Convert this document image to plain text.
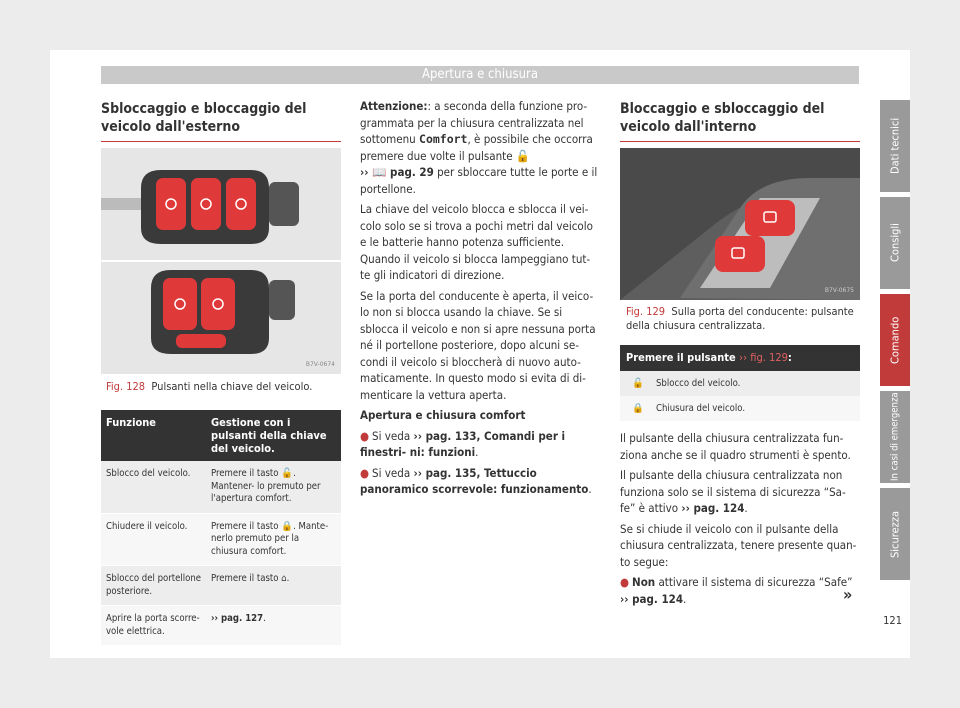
Apertura e chiusura
Sbloccaggio e bloccaggio del veicolo dall'esterno
B7V-0674
Fig. 128 Pulsanti nella chiave del veicolo.
Funzione	Gestione con i pulsanti della chiave del veicolo.
Sblocco del veicolo.	Premere il tasto 🔓. Mantener- lo premuto per l'apertura comfort.
Chiudere il veicolo.	Premere il tasto 🔒. Mante- nerlo premuto per la chiusura comfort.
Sblocco del portellone posteriore.	Premere il tasto ⌂.
Aprire la porta scorre- vole elettrica.	›› pag. 127.

Attenzione:: a seconda della funzione pro- grammata per la chiusura centralizzata nel sottomenu Comfort, è possibile che occorra premere due volte il pulsante 🔓
›› 📖 pag. 29 per sbloccare tutte le porte e il portellone.

La chiave del veicolo blocca e sblocca il vei- colo solo se si trova a pochi metri dal veicolo e le batterie hanno potenza sufficiente. Quando il veicolo si blocca lampeggiano tut- te gli indicatori di direzione.

Se la porta del conducente è aperta, il veico- lo non si blocca usando la chiave. Se si sblocca il veicolo e non si apre nessuna porta né il portellone posteriore, dopo alcuni se- condi il veicolo si bloccherà di nuovo auto- maticamente. In questo modo si evita di di- menticare la vettura aperta.

Apertura e chiusura comfort

● Si veda ›› pag. 133, Comandi per i finestri- ni: funzioni.

● Si veda ›› pag. 135, Tettuccio panoramico scorrevole: funzionamento.

Bloccaggio e sbloccaggio del veicolo dall'interno
B7V-0675
Fig. 129 Sulla porta del conducente: pulsante della chiusura centralizzata.
Premere il pulsante ›› fig. 129:
🔓	Sblocco del veicolo.
🔒	Chiusura del veicolo.

Il pulsante della chiusura centralizzata fun- ziona anche se il quadro strumenti è spento.

Il pulsante della chiusura centralizzata non funziona solo se il sistema di sicurezza “Sa- fe” è attivo ›› pag. 124.

Se si chiude il veicolo con il pulsante della chiusura centralizzata, tenere presente quan- to segue:

● Non attivare il sistema di sicurezza “Safe”
›› pag. 124.	»
Dati tecnici
Consigli
Comando
In casi di emergenza
Sicurezza
121
